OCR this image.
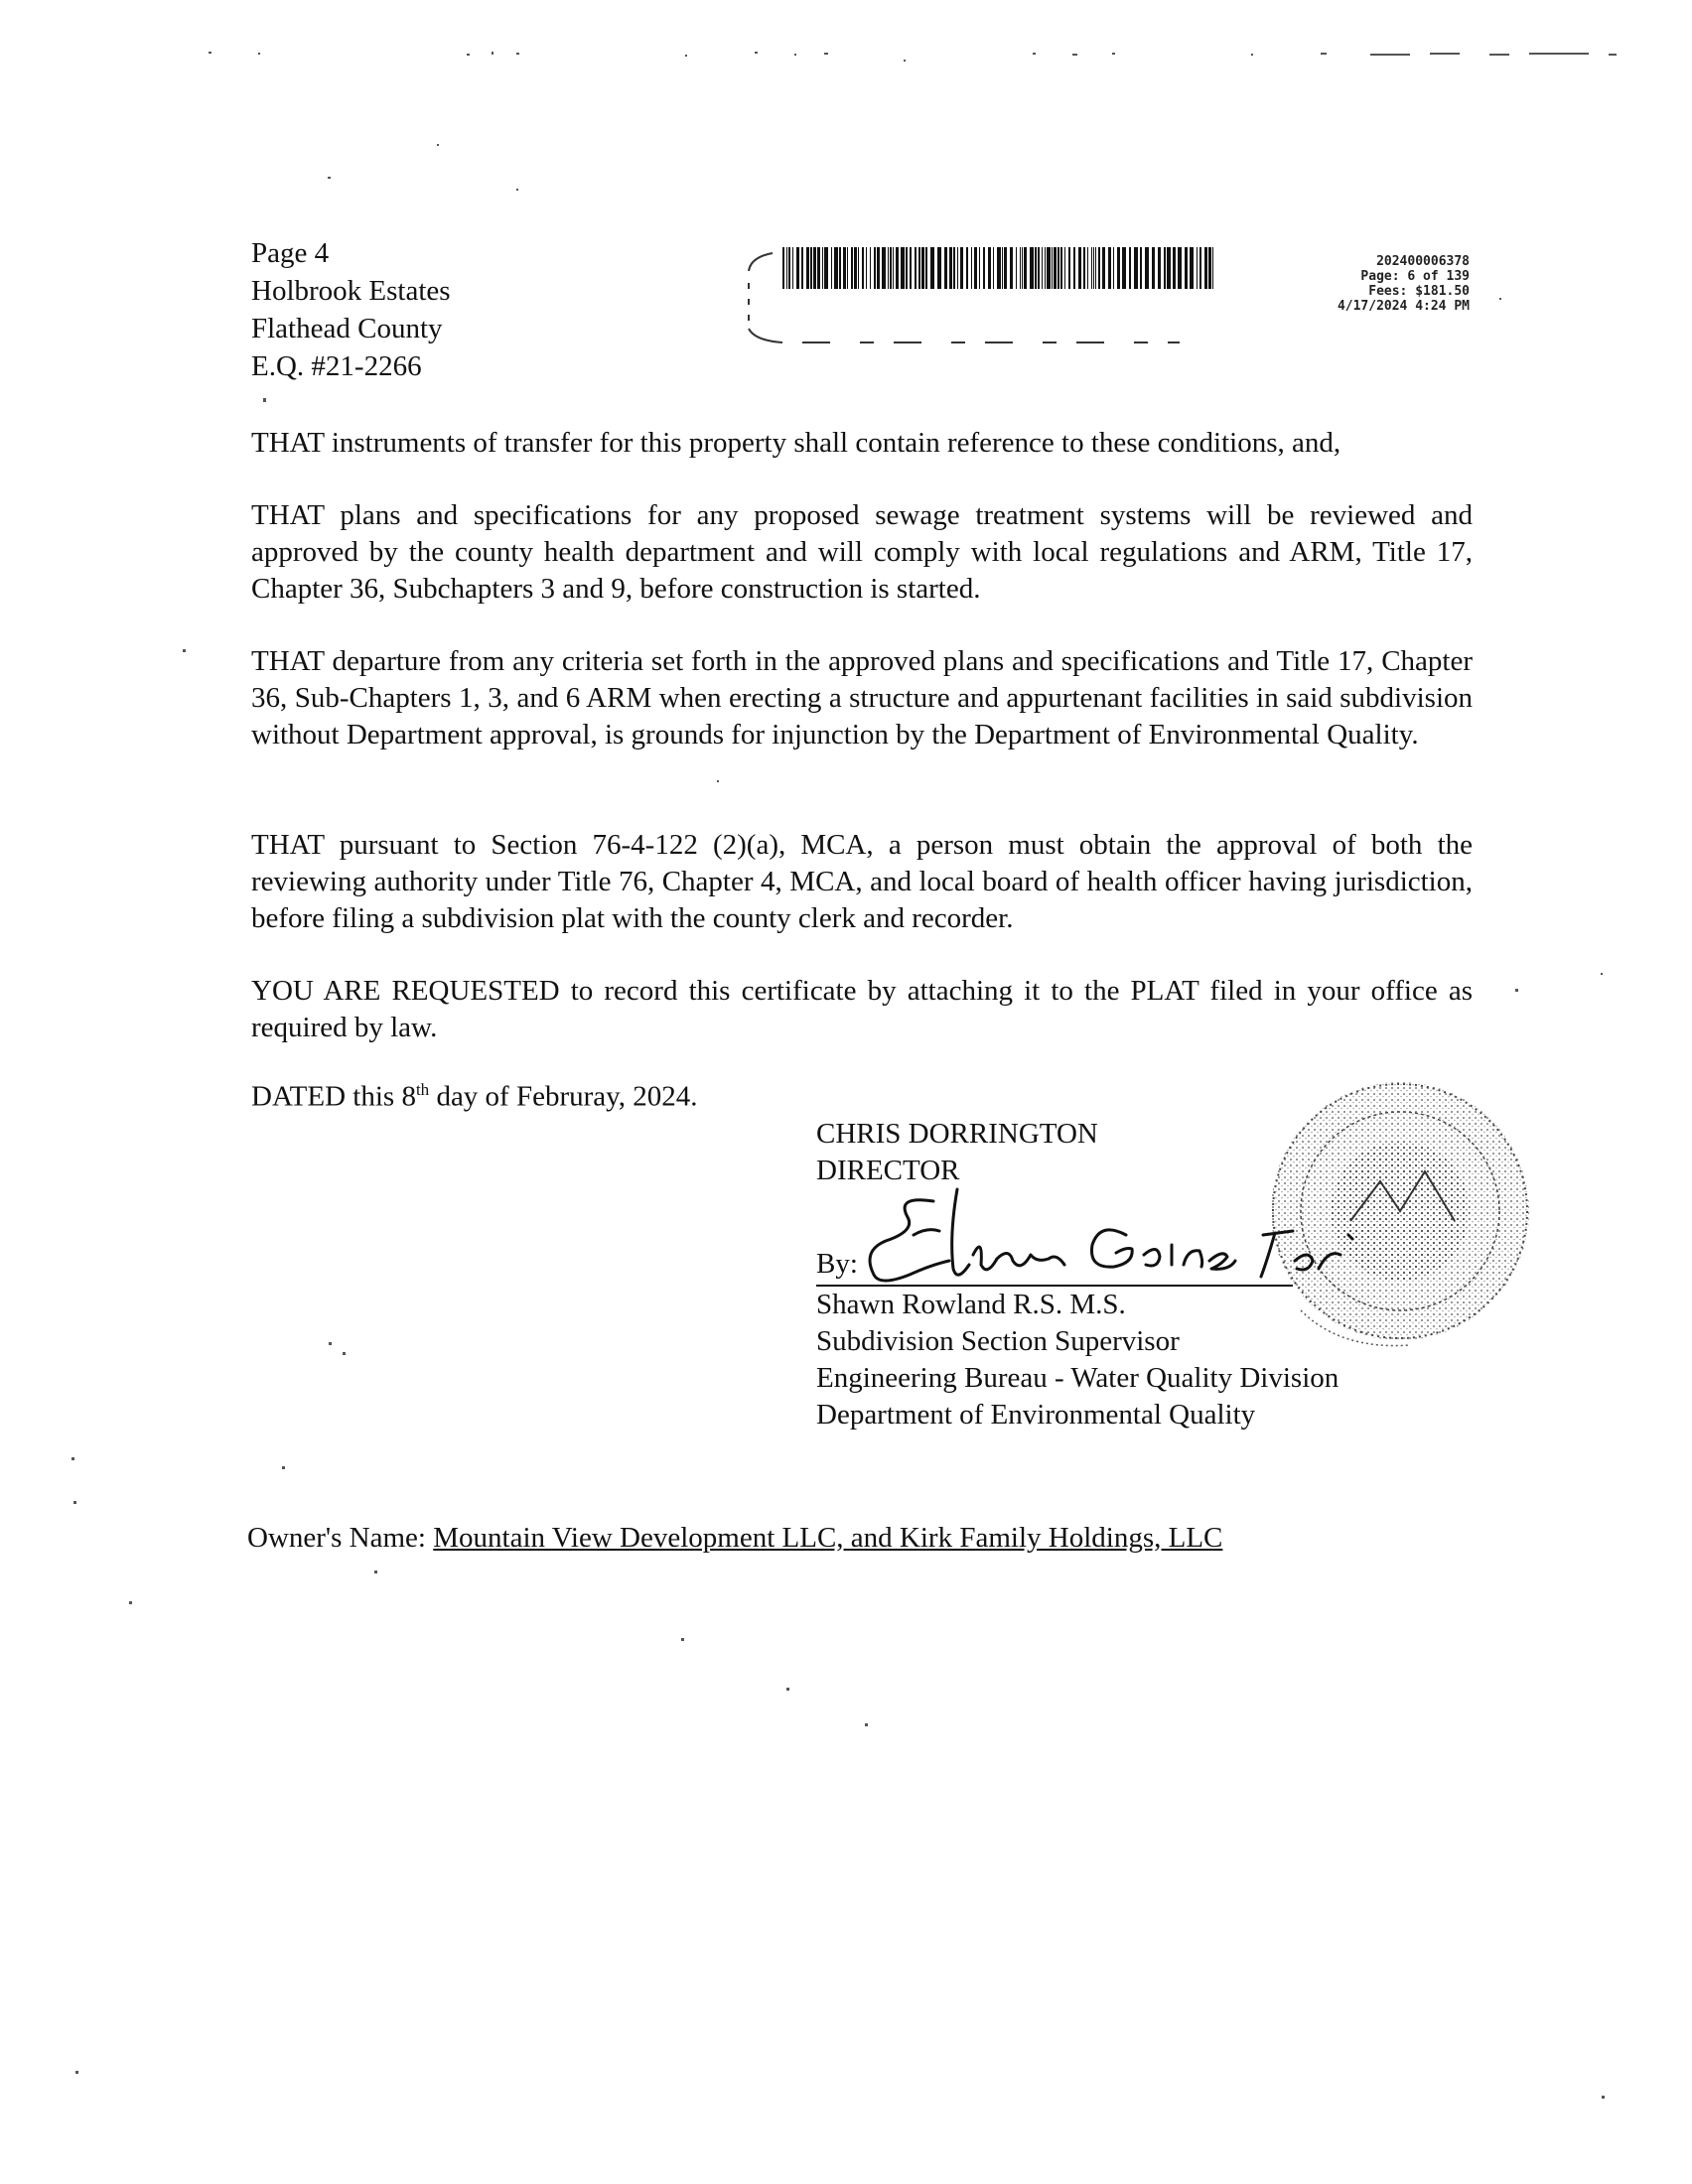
Page 4
Holbrook Estates
Flathead County
E.Q. #21-2266
202400006378
Page: 6 of 139
Fees: $181.50
4/17/2024 4:24 PM
THAT instruments of transfer for this property shall contain reference to these conditions, and,
THAT plans and specifications for any proposed sewage treatment systems will be reviewed and approved by the county health department and will comply with local regulations and ARM, Title 17, Chapter 36, Subchapters 3 and 9, before construction is started.
THAT departure from any criteria set forth in the approved plans and specifications and Title 17, Chapter 36, Sub-Chapters 1, 3, and 6 ARM when erecting a structure and appurtenant facilities in said subdivision without Department approval, is grounds for injunction by the Department of Environmental Quality.
THAT pursuant to Section 76-4-122 (2)(a), MCA, a person must obtain the approval of both the reviewing authority under Title 76, Chapter 4, MCA, and local board of health officer having jurisdiction, before filing a subdivision plat with the county clerk and recorder.
YOU ARE REQUESTED to record this certificate by attaching it to the PLAT filed in your office as required by law.
DATED this 8th day of Februray, 2024.
CHRIS DORRINGTON
DIRECTOR
By:
Shawn Rowland R.S. M.S.
Subdivision Section Supervisor
Engineering Bureau - Water Quality Division
Department of Environmental Quality
Owner's Name: Mountain View Development LLC, and Kirk Family Holdings, LLC
